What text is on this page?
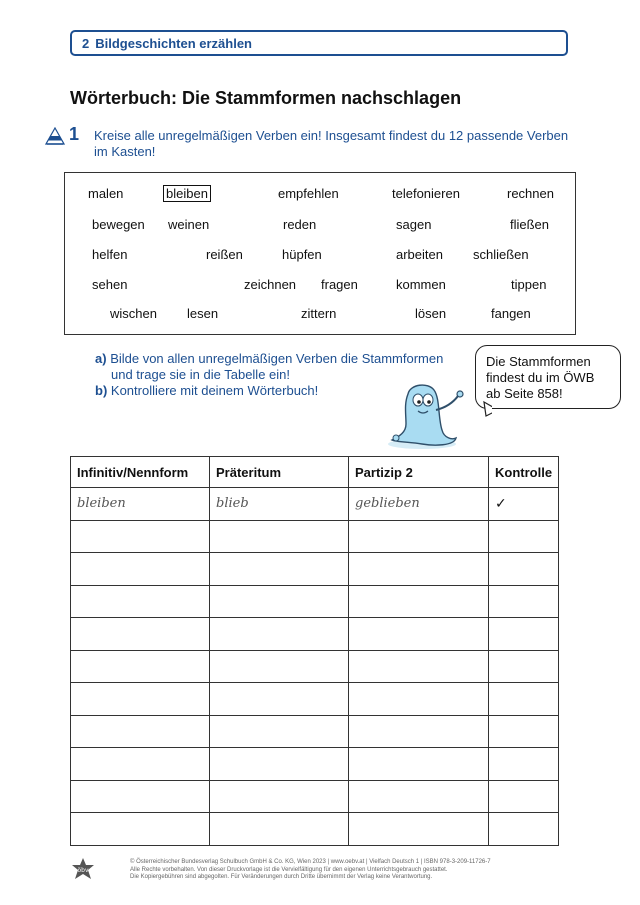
2 Bildgeschichten erzählen
Wörterbuch: Die Stammformen nachschlagen
1 Kreise alle unregelmäßigen Verben ein! Insgesamt findest du 12 passende Verben im Kasten!
malen	bleiben	empfehlen	telefonieren	rechnen
bewegen weinen	reden	sagen	fließen
helfen	reißen	hüpfen	arbeiten schließen
sehen	zeichnen fragen	kommen	tippen
wischen lesen	zittern	lösen	fangen
a) Bilde von allen unregelmäßigen Verben die Stammformen
und trage sie in die Tabelle ein!
b) Kontrolliere mit deinem Wörterbuch!
Die Stammformen
findest du im ÖWB
ab Seite 858!
Infinitiv/Nennform	Präteritum	Partizip 2	Kontrolle
bleiben	blieb	geblieben	✓

öbv
© Österreichischer Bundesverlag Schulbuch GmbH & Co. KG, Wien 2023 | www.oebv.at | Vielfach Deutsch 1 | ISBN 978-3-209-11726-7
Alle Rechte vorbehalten. Von dieser Druckvorlage ist die Vervielfältigung für den eigenen Unterrichtsgebrauch gestattet.
Die Kopiergebühren sind abgegolten. Für Veränderungen durch Dritte übernimmt der Verlag keine Verantwortung.
